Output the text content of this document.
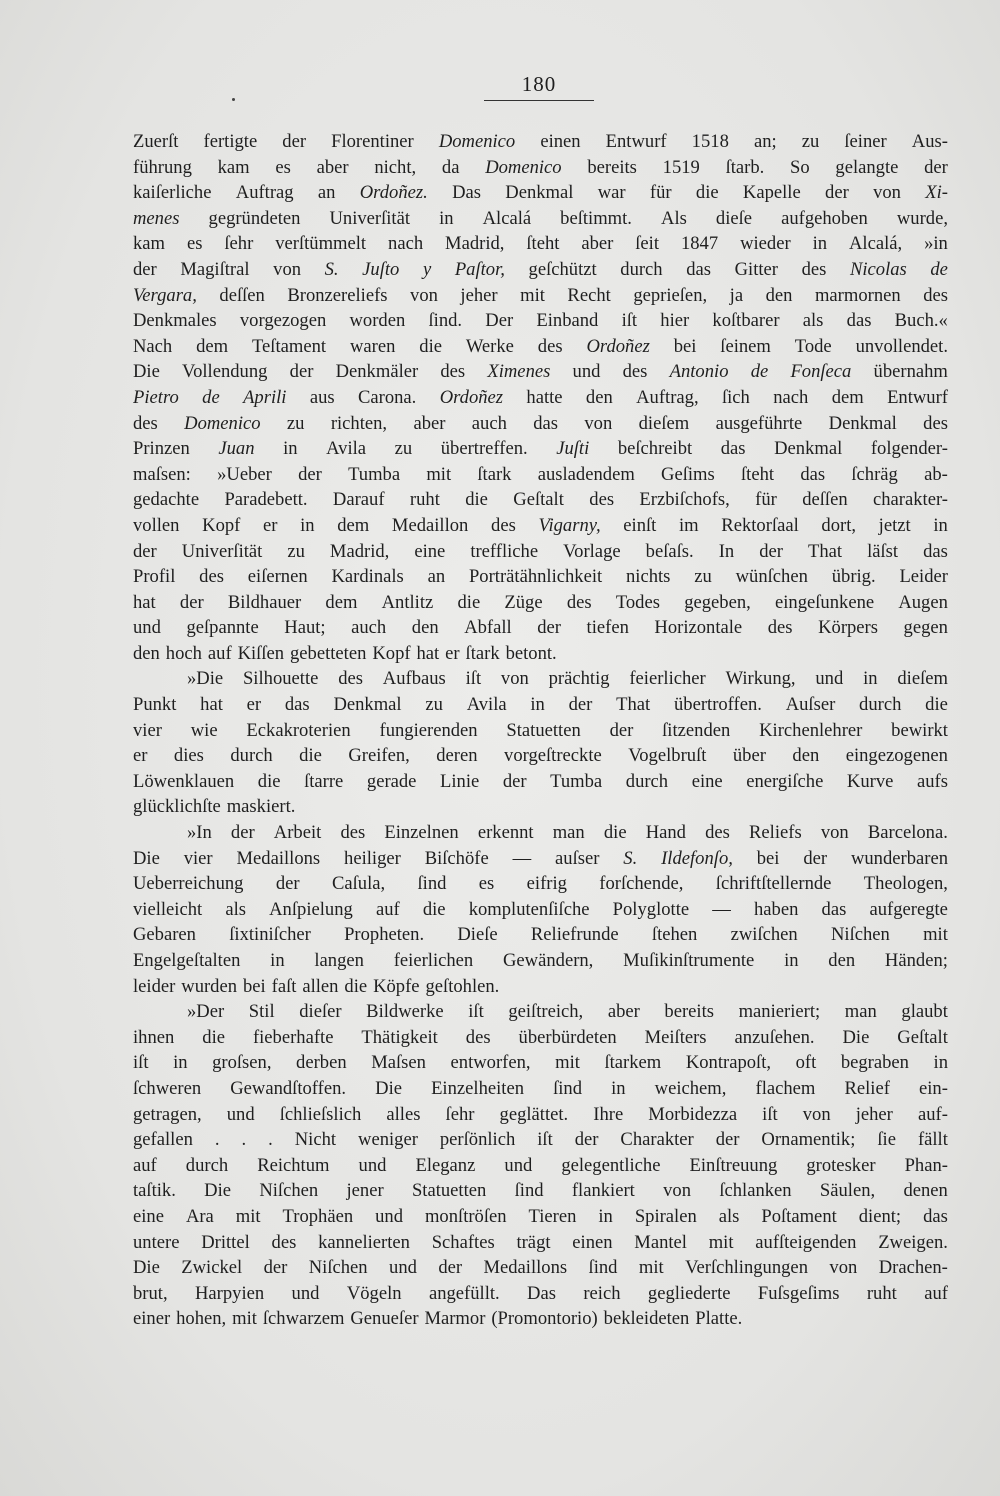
180
Zuerſt fertigte der Florentiner Domenico einen Entwurf 1518 an; zu ſeiner Aus-
führung kam es aber nicht, da Domenico bereits 1519 ſtarb. So gelangte der
kaiſerliche Auftrag an Ordoñez. Das Denkmal war für die Kapelle der von Xi-
menes gegründeten Univerſität in Alcalá beſtimmt. Als dieſe aufgehoben wurde,
kam es ſehr verſtümmelt nach Madrid, ſteht aber ſeit 1847 wieder in Alcalá, »in
der Magiſtral von S. Juſto y Paſtor, geſchützt durch das Gitter des Nicolas de
Vergara, deſſen Bronzereliefs von jeher mit Recht geprieſen, ja den marmornen des
Denkmales vorgezogen worden ſind. Der Einband iſt hier koſtbarer als das Buch.«
Nach dem Teſtament waren die Werke des Ordoñez bei ſeinem Tode unvollendet.
Die Vollendung der Denkmäler des Ximenes und des Antonio de Fonſeca übernahm
Pietro de Aprili aus Carona. Ordoñez hatte den Auftrag, ſich nach dem Entwurf
des Domenico zu richten, aber auch das von dieſem ausgeführte Denkmal des
Prinzen Juan in Avila zu übertreffen. Juſti beſchreibt das Denkmal folgender-
maſsen: »Ueber der Tumba mit ſtark ausladendem Geſims ſteht das ſchräg ab-
gedachte Paradebett. Darauf ruht die Geſtalt des Erzbiſchofs, für deſſen charakter-
vollen Kopf er in dem Medaillon des Vigarny, einſt im Rektorſaal dort, jetzt in
der Univerſität zu Madrid, eine treffliche Vorlage beſaſs. In der That läſst das
Profil des eiſernen Kardinals an Porträtähnlichkeit nichts zu wünſchen übrig. Leider
hat der Bildhauer dem Antlitz die Züge des Todes gegeben, eingeſunkene Augen
und geſpannte Haut; auch den Abfall der tiefen Horizontale des Körpers gegen
den hoch auf Kiſſen gebetteten Kopf hat er ſtark betont.
»Die Silhouette des Aufbaus iſt von prächtig feierlicher Wirkung, und in dieſem
Punkt hat er das Denkmal zu Avila in der That übertroffen. Auſser durch die
vier wie Eckakroterien fungierenden Statuetten der ſitzenden Kirchenlehrer bewirkt
er dies durch die Greifen, deren vorgeſtreckte Vogelbruſt über den eingezogenen
Löwenklauen die ſtarre gerade Linie der Tumba durch eine energiſche Kurve aufs
glücklichſte maskiert.
»In der Arbeit des Einzelnen erkennt man die Hand des Reliefs von Barcelona.
Die vier Medaillons heiliger Biſchöfe — auſser S. Ildefonſo, bei der wunderbaren
Ueberreichung der Caſula, ſind es eifrig forſchende, ſchriftſtellernde Theologen,
vielleicht als Anſpielung auf die komplutenſiſche Polyglotte — haben das aufgeregte
Gebaren ſixtiniſcher Propheten. Dieſe Reliefrunde ſtehen zwiſchen Niſchen mit
Engelgeſtalten in langen feierlichen Gewändern, Muſikinſtrumente in den Händen;
leider wurden bei faſt allen die Köpfe geſtohlen.
»Der Stil dieſer Bildwerke iſt geiſtreich, aber bereits manieriert; man glaubt
ihnen die fieberhafte Thätigkeit des überbürdeten Meiſters anzuſehen. Die Geſtalt
iſt in groſsen, derben Maſsen entworfen, mit ſtarkem Kontrapoſt, oft begraben in
ſchweren Gewandſtoffen. Die Einzelheiten ſind in weichem, flachem Relief ein-
getragen, und ſchlieſslich alles ſehr geglättet. Ihre Morbidezza iſt von jeher auf-
gefallen . . . Nicht weniger perſönlich iſt der Charakter der Ornamentik; ſie fällt
auf durch Reichtum und Eleganz und gelegentliche Einſtreuung grotesker Phan-
taſtik. Die Niſchen jener Statuetten ſind flankiert von ſchlanken Säulen, denen
eine Ara mit Trophäen und monſtröſen Tieren in Spiralen als Poſtament dient; das
untere Drittel des kannelierten Schaftes trägt einen Mantel mit aufſteigenden Zweigen.
Die Zwickel der Niſchen und der Medaillons ſind mit Verſchlingungen von Drachen-
brut, Harpyien und Vögeln angefüllt. Das reich gegliederte Fuſsgeſims ruht auf
einer hohen, mit ſchwarzem Genueſer Marmor (Promontorio) bekleideten Platte.
